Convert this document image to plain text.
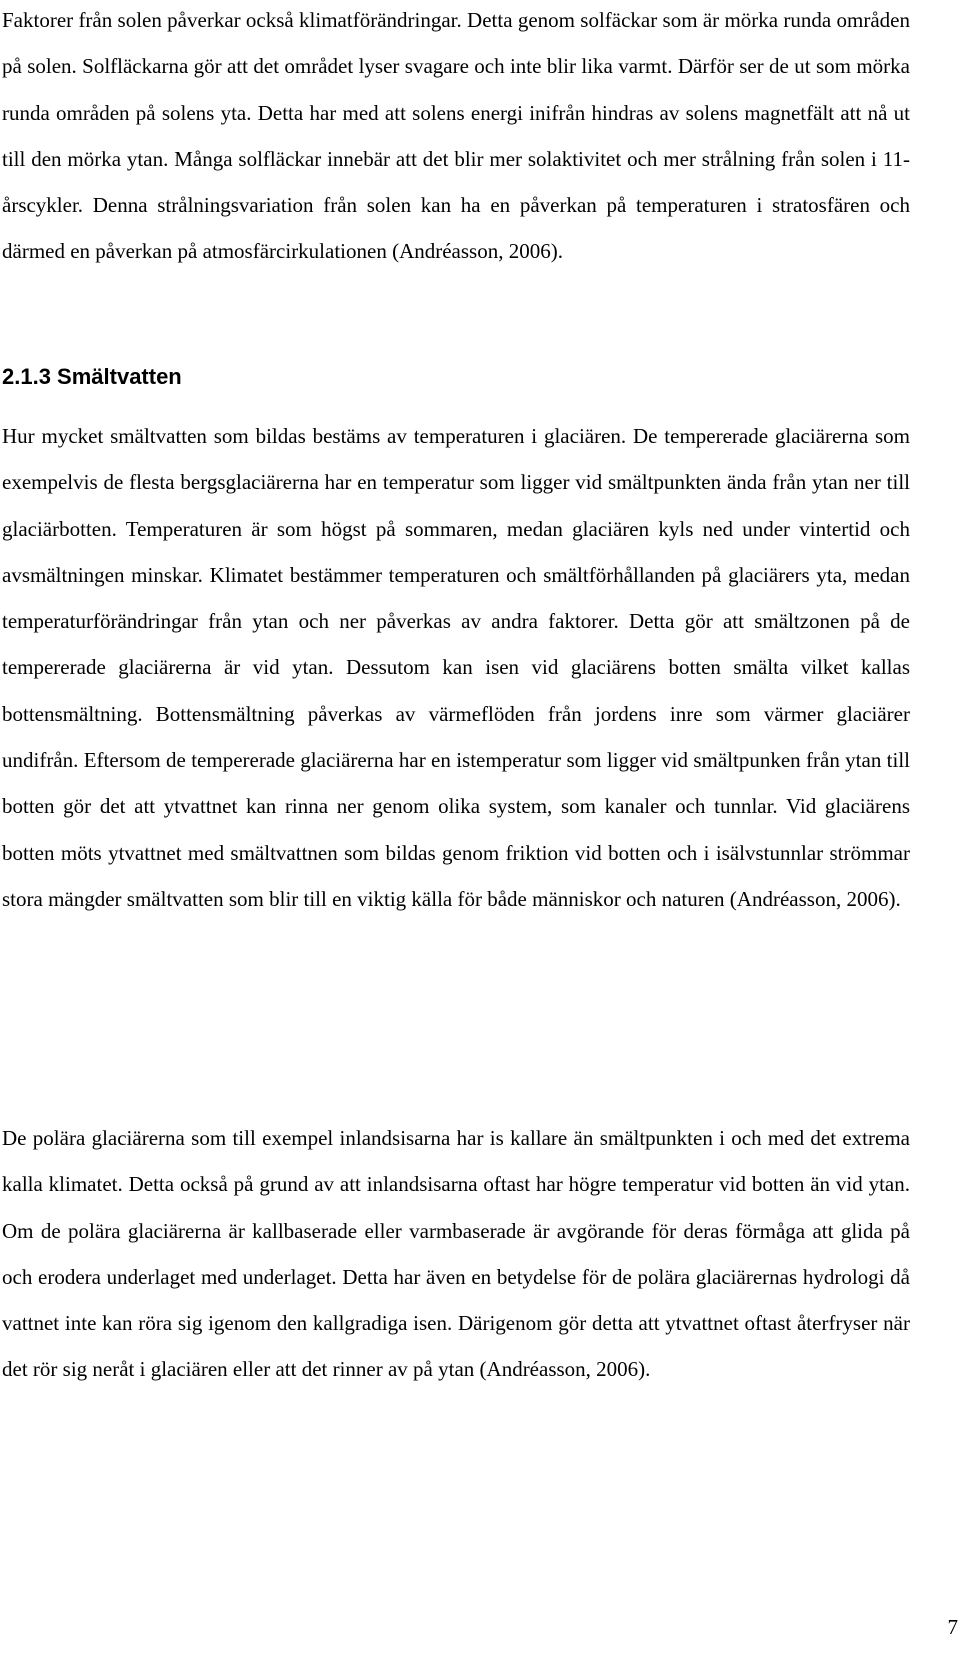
Faktorer från solen påverkar också klimatförändringar. Detta genom solfäckar som är mörka runda områden på solen. Solfläckarna gör att det området lyser svagare och inte blir lika varmt. Därför ser de ut som mörka runda områden på solens yta. Detta har med att solens energi inifrån hindras av solens magnetfält att nå ut till den mörka ytan. Många solfläckar innebär att det blir mer solaktivitet och mer strålning från solen i 11-årscykler. Denna strålningsvariation från solen kan ha en påverkan på temperaturen i stratosfären och därmed en påverkan på atmosfärcirkulationen (Andréasson, 2006).

2.1.3 Smältvatten

Hur mycket smältvatten som bildas bestäms av temperaturen i glaciären. De tempererade glaciärerna som exempelvis de flesta bergsglaciärerna har en temperatur som ligger vid smältpunkten ända från ytan ner till glaciärbotten. Temperaturen är som högst på sommaren, medan glaciären kyls ned under vintertid och avsmältningen minskar. Klimatet bestämmer temperaturen och smältförhållanden på glaciärers yta, medan temperaturförändringar från ytan och ner påverkas av andra faktorer. Detta gör att smältzonen på de tempererade glaciärerna är vid ytan. Dessutom kan isen vid glaciärens botten smälta vilket kallas bottensmältning. Bottensmältning påverkas av värmeflöden från jordens inre som värmer glaciärer undifrån. Eftersom de tempererade glaciärerna har en istemperatur som ligger vid smältpunken från ytan till botten gör det att ytvattnet kan rinna ner genom olika system, som kanaler och tunnlar. Vid glaciärens botten möts ytvattnet med smältvattnen som bildas genom friktion vid botten och i isälvstunnlar strömmar stora mängder smältvatten som blir till en viktig källa för både människor och naturen (Andréasson, 2006).

De polära glaciärerna som till exempel inlandsisarna har is kallare än smältpunkten i och med det extrema kalla klimatet. Detta också på grund av att inlandsisarna oftast har högre temperatur vid botten än vid ytan. Om de polära glaciärerna är kallbaserade eller varmbaserade är avgörande för deras förmåga att glida på och erodera underlaget med underlaget. Detta har även en betydelse för de polära glaciärernas hydrologi då vattnet inte kan röra sig igenom den kallgradiga isen. Därigenom gör detta att ytvattnet oftast återfryser när det rör sig neråt i glaciären eller att det rinner av på ytan (Andréasson, 2006).

7
